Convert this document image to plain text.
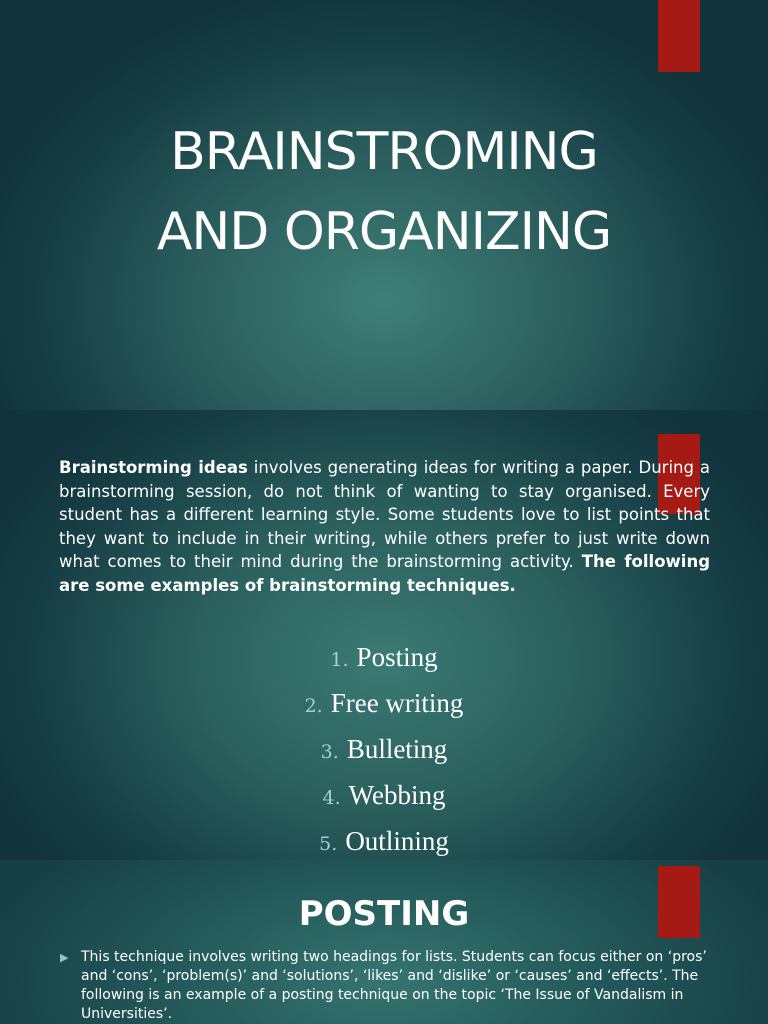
BRAINSTROMING
AND ORGANIZING

Brainstorming ideas involves generating ideas for writing a paper. During a brainstorming session, do not think of wanting to stay organised. Every student has a different learning style. Some students love to list points that they want to include in their writing, while others prefer to just write down what comes to their mind during the brainstorming activity. The following are some examples of brainstorming techniques.

1. Posting
2. Free writing
3. Bulleting
4. Webbing
5. Outlining
POSTING
▶ This technique involves writing two headings for lists. Students can focus either on ‘pros’ and ‘cons’, ‘problem(s)’ and ‘solutions’, ‘likes’ and ‘dislike’ or ‘causes’ and ‘effects’. The following is an example of a posting technique on the topic ‘The Issue of Vandalism in Universities’.
